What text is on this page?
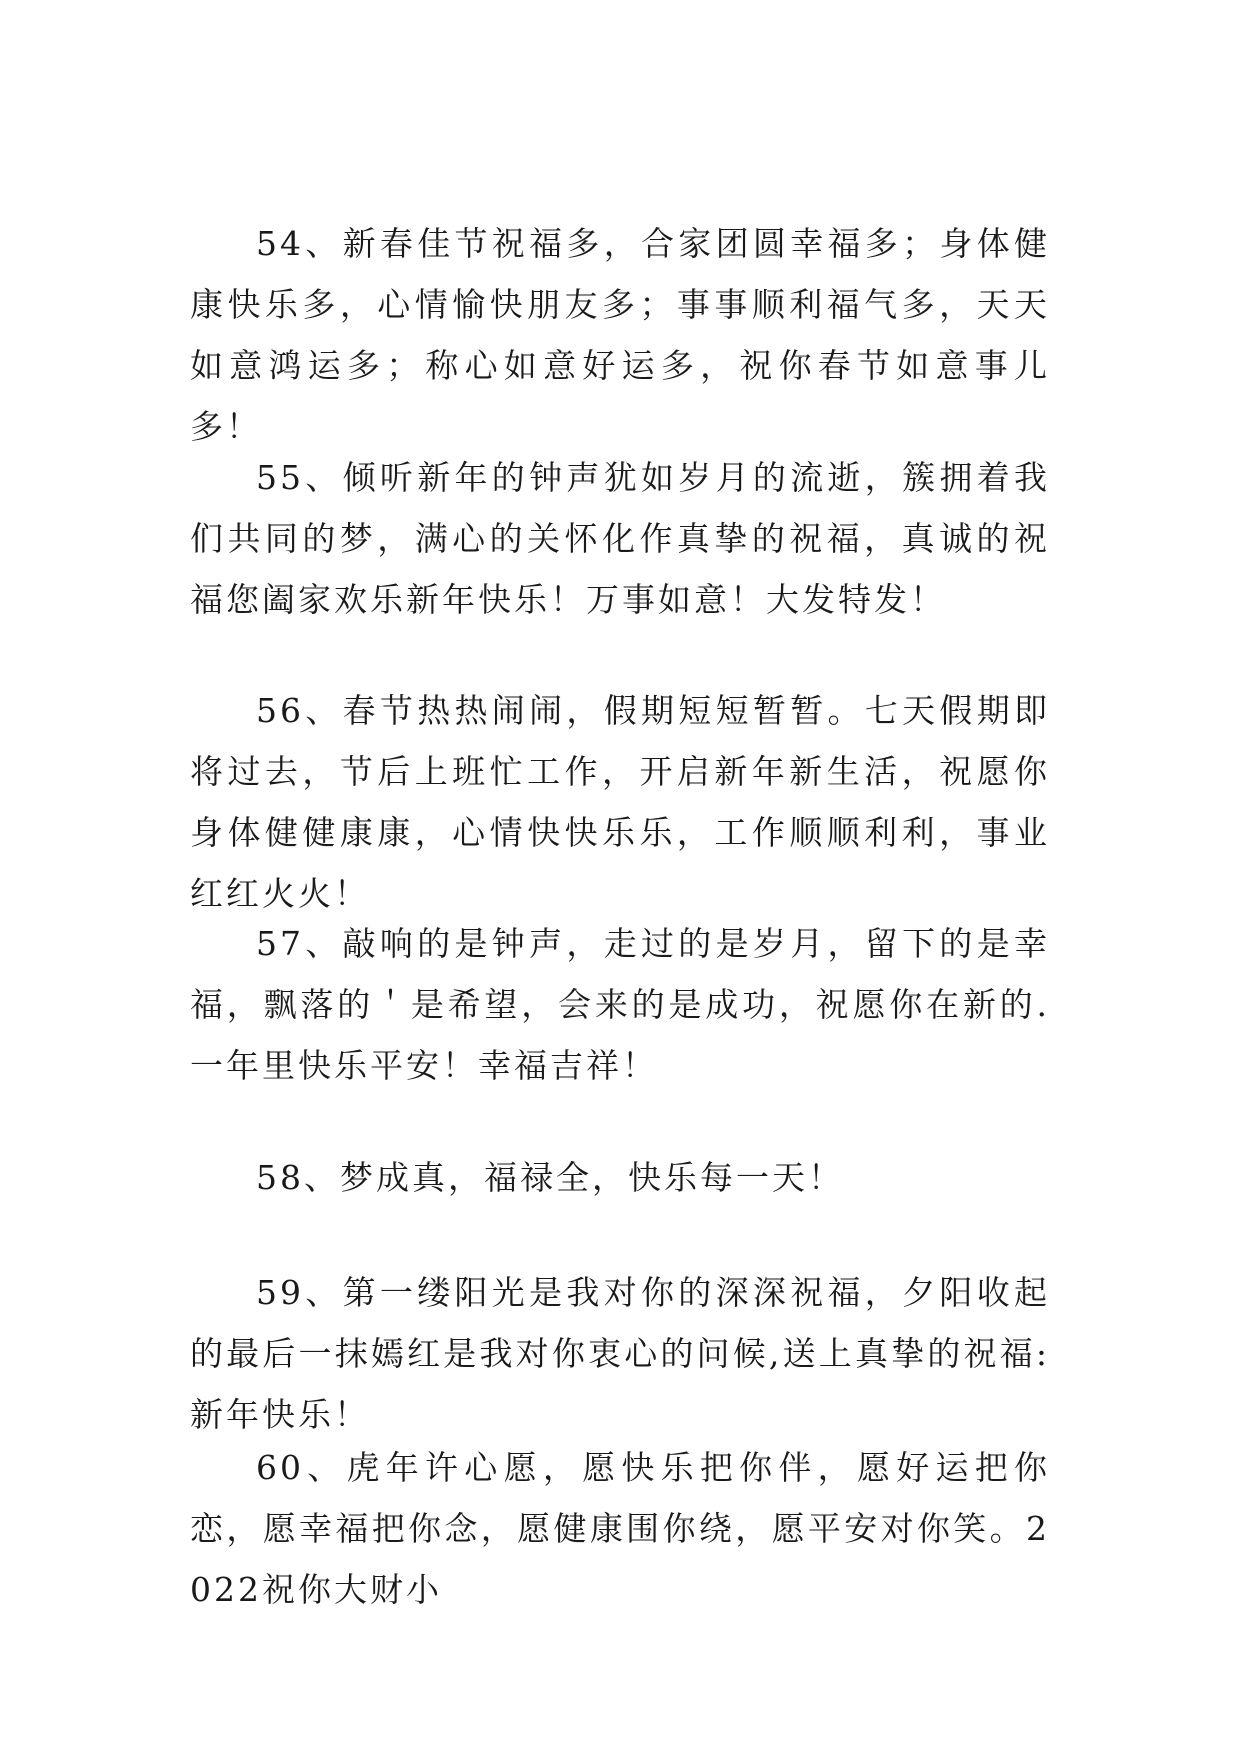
54、新春佳节祝福多，合家团圆幸福多；身体健康快乐多，心情愉快朋友多；事事顺利福气多，天天如意鸿运多；称心如意好运多，祝你春节如意事儿多！

55、倾听新年的钟声犹如岁月的流逝，簇拥着我们共同的梦，满心的关怀化作真挚的祝福，真诚的祝福您阖家欢乐新年快乐！万事如意！大发特发！

56、春节热热闹闹，假期短短暂暂。七天假期即将过去，节后上班忙工作，开启新年新生活，祝愿你身体健健康康，心情快快乐乐，工作顺顺利利，事业红红火火！

57、敲响的是钟声，走过的是岁月，留下的是幸福，飘落的＇是希望，会来的是成功，祝愿你在新的.一年里快乐平安！幸福吉祥！

58、梦成真，福禄全，快乐每一天！

59、第一缕阳光是我对你的深深祝福，夕阳收起的最后一抹嫣红是我对你衷心的问候,送上真挚的祝福:新年快乐！

60、虎年许心愿，愿快乐把你伴，愿好运把你恋，愿幸福把你念，愿健康围你绕，愿平安对你笑。2022祝你大财小
